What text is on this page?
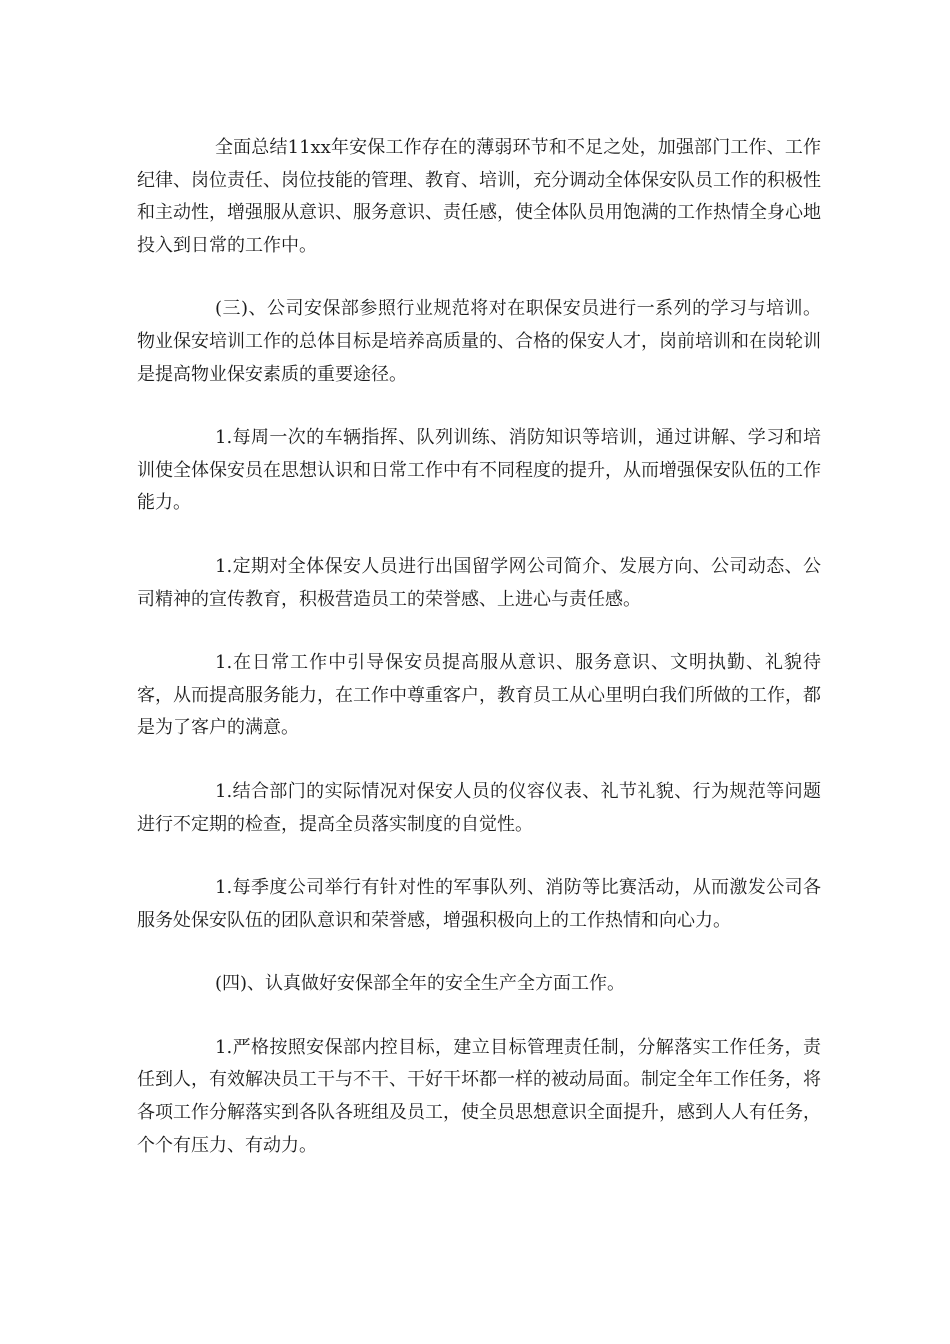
全面总结11xx年安保工作存在的薄弱环节和不足之处，加强部门工作、工作纪律、岗位责任、岗位技能的管理、教育、培训，充分调动全体保安队员工作的积极性和主动性，增强服从意识、服务意识、责任感，使全体队员用饱满的工作热情全身心地投入到日常的工作中。

(三)、公司安保部参照行业规范将对在职保安员进行一系列的学习与培训。物业保安培训工作的总体目标是培养高质量的、合格的保安人才，岗前培训和在岗轮训是提高物业保安素质的重要途径。

1.每周一次的车辆指挥、队列训练、消防知识等培训，通过讲解、学习和培训使全体保安员在思想认识和日常工作中有不同程度的提升，从而增强保安队伍的工作能力。

1.定期对全体保安人员进行出国留学网公司简介、发展方向、公司动态、公司精神的宣传教育，积极营造员工的荣誉感、上进心与责任感。

1.在日常工作中引导保安员提高服从意识、服务意识、文明执勤、礼貌待客，从而提高服务能力，在工作中尊重客户，教育员工从心里明白我们所做的工作，都是为了客户的满意。

1.结合部门的实际情况对保安人员的仪容仪表、礼节礼貌、行为规范等问题进行不定期的检查，提高全员落实制度的自觉性。

1.每季度公司举行有针对性的军事队列、消防等比赛活动，从而激发公司各服务处保安队伍的团队意识和荣誉感，增强积极向上的工作热情和向心力。

(四)、认真做好安保部全年的安全生产全方面工作。

1.严格按照安保部内控目标，建立目标管理责任制，分解落实工作任务，责任到人，有效解决员工干与不干、干好干坏都一样的被动局面。制定全年工作任务，将各项工作分解落实到各队各班组及员工，使全员思想意识全面提升，感到人人有任务，个个有压力、有动力。
